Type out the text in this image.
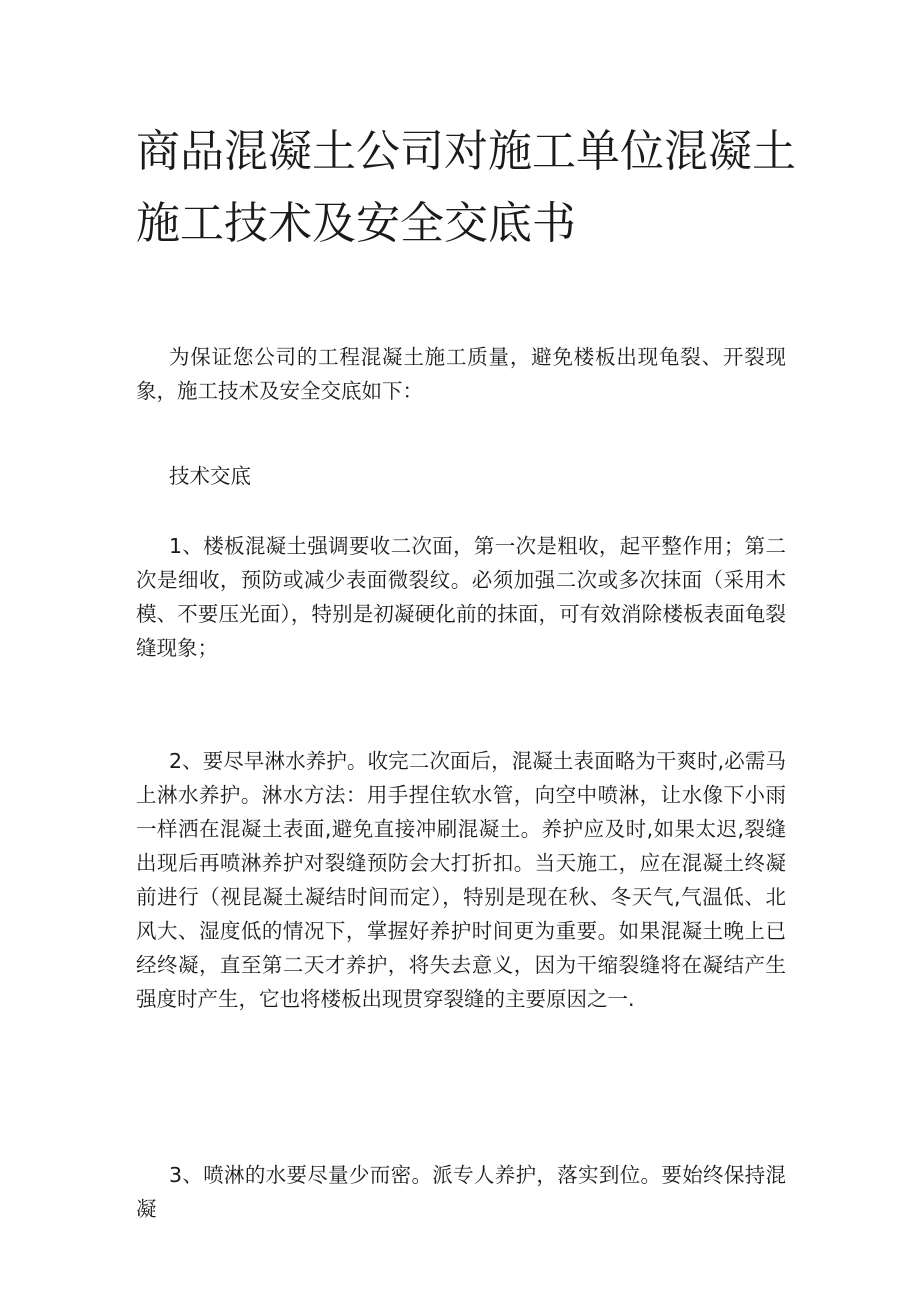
商品混凝土公司对施工单位混凝土施工技术及安全交底书

为保证您公司的工程混凝土施工质量，避免楼板出现龟裂、开裂现象，施工技术及安全交底如下：

技术交底

1、楼板混凝土强调要收二次面，第一次是粗收，起平整作用；第二次是细收，预防或减少表面微裂纹。必须加强二次或多次抹面（采用木模、不要压光面），特别是初凝硬化前的抹面，可有效消除楼板表面龟裂缝现象；

2、要尽早淋水养护。收完二次面后，混凝土表面略为干爽时,必需马上淋水养护。淋水方法：用手捏住软水管，向空中喷淋，让水像下小雨一样洒在混凝土表面,避免直接冲刷混凝土。养护应及时,如果太迟,裂缝出现后再喷淋养护对裂缝预防会大打折扣。当天施工，应在混凝土终凝前进行（视昆凝土凝结时间而定），特别是现在秋、冬天气,气温低、北风大、湿度低的情况下，掌握好养护时间更为重要。如果混凝土晚上已经终凝，直至第二天才养护，将失去意义，因为干缩裂缝将在凝结产生强度时产生，它也将楼板出现贯穿裂缝的主要原因之一.

3、喷淋的水要尽量少而密。派专人养护，落实到位。要始终保持混凝
